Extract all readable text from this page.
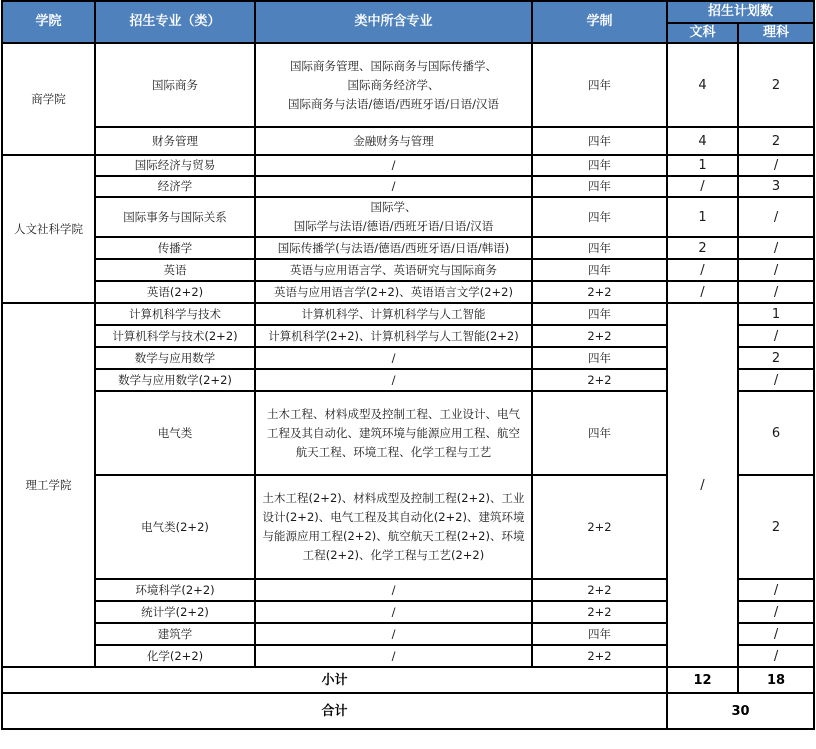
学院	招生专业（类）	类中所含专业	学制	招生计划数	
				文科	理科
商学院	国际商务	国际商务管理、国际商务与国际传播学、
国际商务经济学、
国际商务与法语/德语/西班牙语/日语/汉语	四年	4	2
	财务管理	金融财务与管理	四年	4	2
人文社科学院	国际经济与贸易	/	四年	1	/
	经济学	/	四年	/	3
	国际事务与国际关系	国际学、
国际学与法语/德语/西班牙语/日语/汉语	四年	1	/
	传播学	国际传播学(与法语/德语/西班牙语/日语/韩语)	四年	2	/
	英语	英语与应用语言学、英语研究与国际商务	四年	/	/
	英语(2+2)	英语与应用语言学(2+2)、英语语言文学(2+2)	2+2	/	/
理工学院	计算机科学与技术	计算机科学、计算机科学与人工智能	四年	/	1
	计算机科学与技术(2+2)	计算机科学(2+2)、计算机科学与人工智能(2+2)	2+2		/
	数学与应用数学	/	四年		2
	数学与应用数学(2+2)	/	2+2		/
	电气类	土木工程、材料成型及控制工程、工业设计、电气
工程及其自动化、建筑环境与能源应用工程、航空
航天工程、环境工程、化学工程与工艺	四年		6
	电气类(2+2)	土木工程(2+2)、材料成型及控制工程(2+2)、工业
设计(2+2)、电气工程及其自动化(2+2)、建筑环境
与能源应用工程(2+2)、航空航天工程(2+2)、环境
工程(2+2)、化学工程与工艺(2+2)	2+2		2
	环境科学(2+2)	/	2+2		/
	统计学(2+2)	/	2+2		/
	建筑学	/	四年		/
	化学(2+2)	/	2+2		/
小计				12	18
合计				30	
